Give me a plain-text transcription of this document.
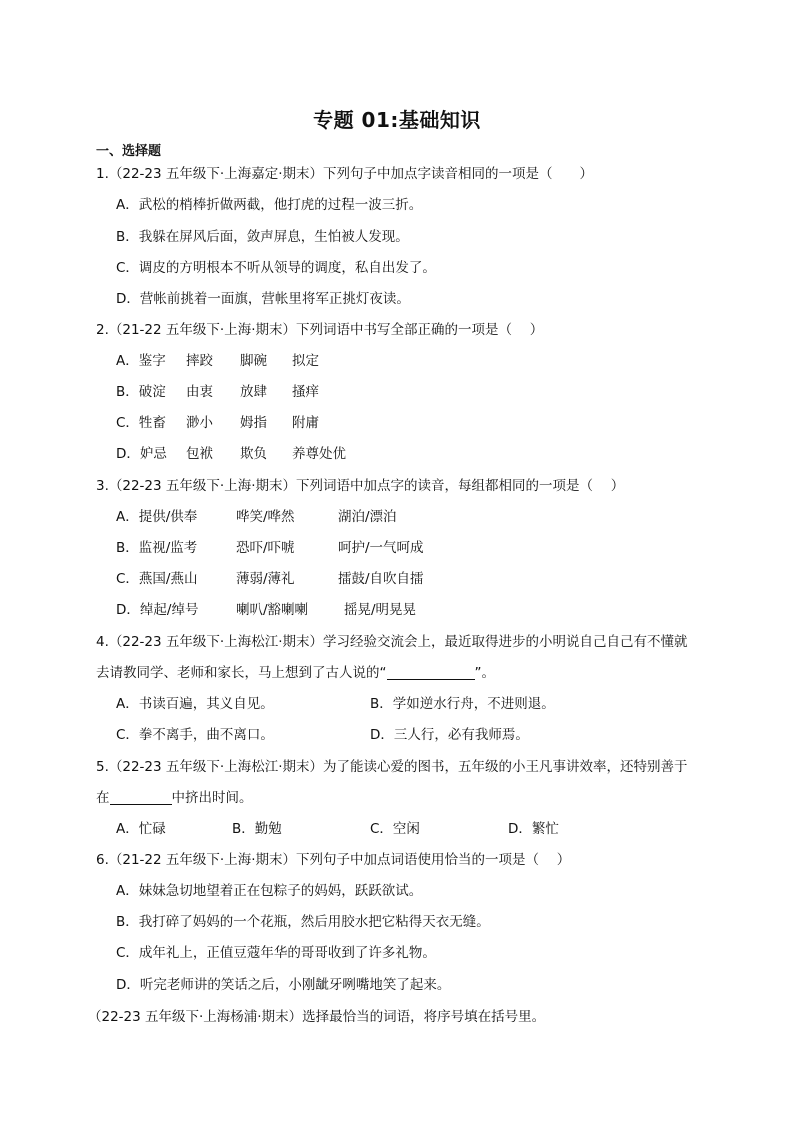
专题 01:基础知识
一、选择题
1.（22-23 五年级下·上海嘉定·期末）下列句子中加点字读音相同的一项是（　　）
A．武松的梢棒折做两截，他打虎的过程一波三折。
B．我躲在屏风后面，敛声屏息，生怕被人发现。
C．调皮的方明根本不听从领导的调度，私自出发了。
D．营帐前挑着一面旗，营帐里将军正挑灯夜读。
2.（21-22 五年级下·上海·期末）下列词语中书写全部正确的一项是（　 ）
A．鉴字 摔跤 脚碗 拟定
B．破淀 由衷 放肆 搔痒
C．牲畜 渺小 姆指 附庸
D．妒忌 包袱 欺负 养尊处优
3.（22-23 五年级下·上海·期末）下列词语中加点字的读音，每组都相同的一项是（　 ）
A．提供/供奉	哗笑/哗然	湖泊/漂泊
B．监视/监考	恐吓/吓唬	呵护/一气呵成
C．燕国/燕山	薄弱/薄礼	擂鼓/自吹自擂
D．绰起/绰号	喇叭/豁喇喇	摇晃/明晃晃
4.（22-23 五年级下·上海松江·期末）学习经验交流会上，最近取得进步的小明说自己自己有不懂就
去请教同学、老师和家长，马上想到了古人说的“	”。
A．书读百遍，其义自见。	B．学如逆水行舟，不进则退。
C．拳不离手，曲不离口。	D．三人行，必有我师焉。
5.（22-23 五年级下·上海松江·期末）为了能读心爱的图书，五年级的小王凡事讲效率，还特别善于
在	中挤出时间。
A．忙碌	B．勤勉	C．空闲	D．繁忙
6.（21-22 五年级下·上海·期末）下列句子中加点词语使用恰当的一项是（　 ）
A．妹妹急切地望着正在包粽子的妈妈，跃跃欲试。
B．我打碎了妈妈的一个花瓶，然后用胶水把它粘得天衣无缝。
C．成年礼上，正值豆蔻年华的哥哥收到了许多礼物。
D．听完老师讲的笑话之后，小刚龇牙咧嘴地笑了起来。
（22-23 五年级下·上海杨浦·期末）选择最恰当的词语，将序号填在括号里。
